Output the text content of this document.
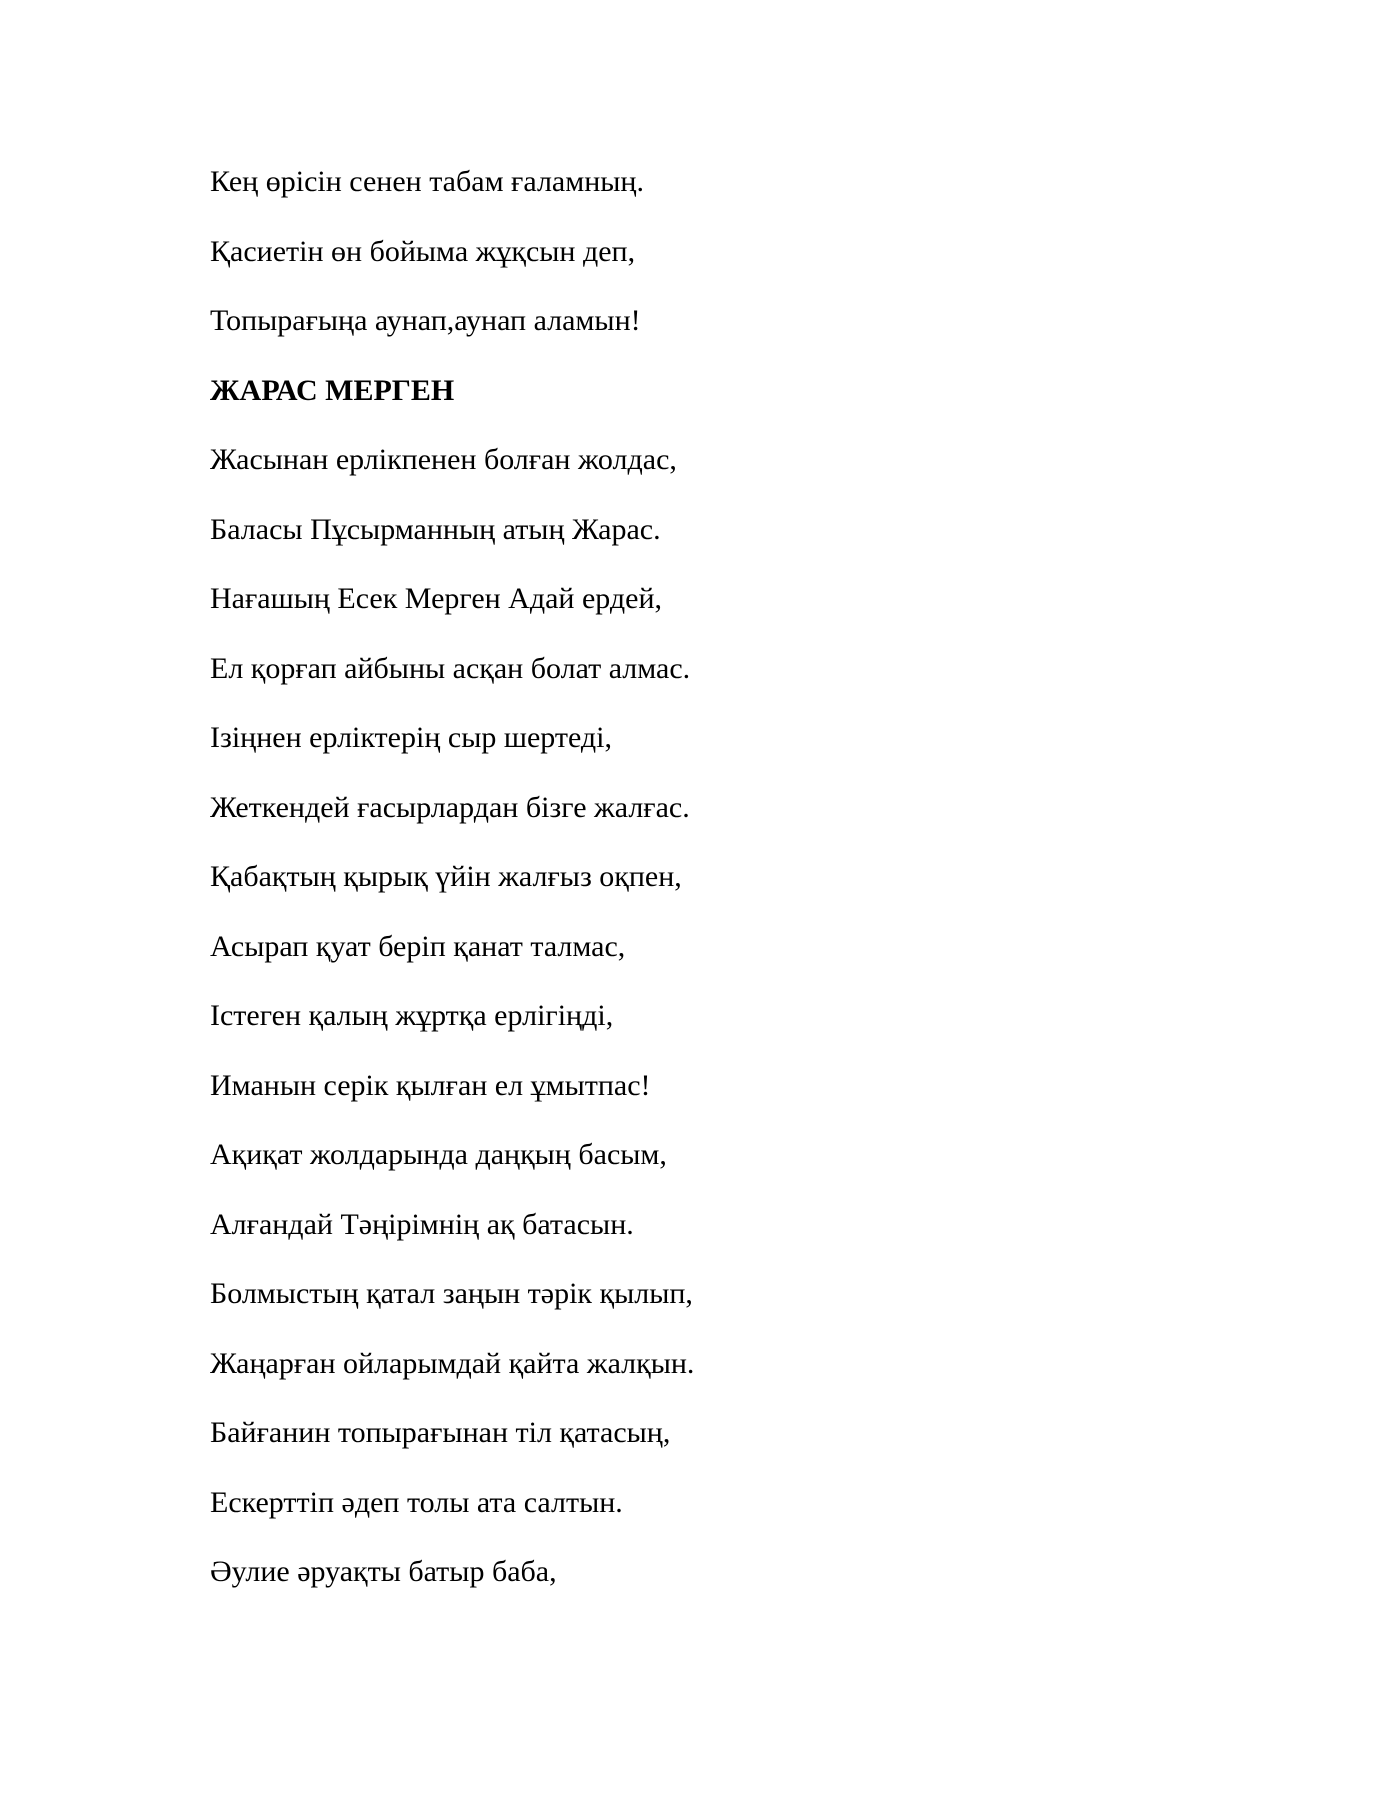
Кең өрісін сенен табам ғаламның.
Қасиетін өн бойыма жұқсын деп,
Топырағыңа аунап,аунап аламын!
ЖАРАС МЕРГЕН
Жасынан ерлікпенен болған жолдас,
Баласы Пұсырманның атың Жарас.
Нағашың Есек Мерген Адай ердей,
Ел қорғап айбыны асқан болат алмас.
Ізіңнен ерліктерің сыр шертеді,
Жеткендей ғасырлардан бізге жалғас.
Қабақтың қырық үйін жалғыз оқпен,
Асырап қуат беріп қанат талмас,
Істеген қалың жұртқа ерлігіңді,
Иманын серік қылған ел ұмытпас!
Ақиқат жолдарында даңқың басым,
Алғандай Тәңірімнің ақ батасын.
Болмыстың қатал заңын тәрік қылып,
Жаңарған ойларымдай қайта жалқын.
Байғанин топырағынан тіл қатасың,
Ескерттіп әдеп толы ата салтын.
Әулие әруақты батыр баба,
